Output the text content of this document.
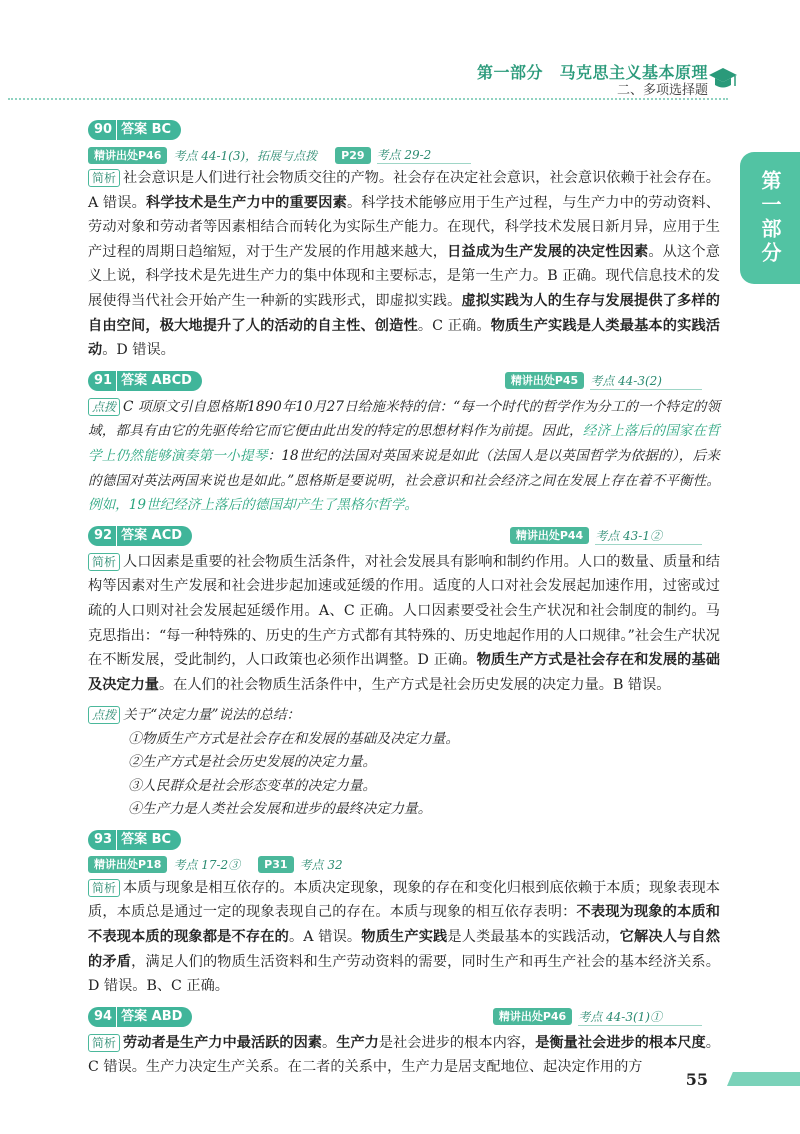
第一部分　马克思主义基本原理
二、多项选择题
第一部分
90 答案 BC
精讲出处P46	考点 44-1(3)，拓展与点拨	P29	考点 29-2

简析 社会意识是人们进行社会物质交往的产物。社会存在决定社会意识，社会意识依赖于社会存在。A 错误。科学技术是生产力中的重要因素。科学技术能够应用于生产过程，与生产力中的劳动资料、劳动对象和劳动者等因素相结合而转化为实际生产能力。在现代，科学技术发展日新月异，应用于生产过程的周期日趋缩短，对于生产发展的作用越来越大，日益成为生产发展的决定性因素。从这个意义上说，科学技术是先进生产力的集中体现和主要标志，是第一生产力。B 正确。现代信息技术的发展使得当代社会开始产生一种新的实践形式，即虚拟实践。虚拟实践为人的生存与发展提供了多样的自由空间，极大地提升了人的活动的自主性、创造性。C 正确。物质生产实践是人类最基本的实践活动。D 错误。

91 答案 ABCD	精讲出处P45	考点 44-3(2)

点拨 C 项原文引自恩格斯1890年10月27日给施米特的信：“每一个时代的哲学作为分工的一个特定的领域，都具有由它的先驱传给它而它便由此出发的特定的思想材料作为前提。因此，经济上落后的国家在哲学上仍然能够演奏第一小提琴：18世纪的法国对英国来说是如此（法国人是以英国哲学为依据的），后来的德国对英法两国来说也是如此。”恩格斯是要说明，社会意识和社会经济之间在发展上存在着不平衡性。例如，19世纪经济上落后的德国却产生了黑格尔哲学。

92 答案 ACD	精讲出处P44	考点 43-1②

简析 人口因素是重要的社会物质生活条件，对社会发展具有影响和制约作用。人口的数量、质量和结构等因素对生产发展和社会进步起加速或延缓的作用。适度的人口对社会发展起加速作用，过密或过疏的人口则对社会发展起延缓作用。A、C 正确。人口因素要受社会生产状况和社会制度的制约。马克思指出：“每一种特殊的、历史的生产方式都有其特殊的、历史地起作用的人口规律。”社会生产状况在不断发展，受此制约，人口政策也必须作出调整。D 正确。物质生产方式是社会存在和发展的基础及决定力量。在人们的社会物质生活条件中，生产方式是社会历史发展的决定力量。B 错误。

点拨 关于“决定力量”说法的总结：

①物质生产方式是社会存在和发展的基础及决定力量。
②生产方式是社会历史发展的决定力量。
③人民群众是社会形态变革的决定力量。
④生产力是人类社会发展和进步的最终决定力量。
93 答案 BC
精讲出处P18	考点 17-2③	P31	考点 32

简析 本质与现象是相互依存的。本质决定现象，现象的存在和变化归根到底依赖于本质；现象表现本质，本质总是通过一定的现象表现自己的存在。本质与现象的相互依存表明：不表现为现象的本质和不表现本质的现象都是不存在的。A 错误。物质生产实践是人类最基本的实践活动，它解决人与自然的矛盾，满足人们的物质生活资料和生产劳动资料的需要，同时生产和再生产社会的基本经济关系。D 错误。B、C 正确。

94 答案 ABD	精讲出处P46	考点 44-3(1)①

简析 劳动者是生产力中最活跃的因素。生产力是社会进步的根本内容，是衡量社会进步的根本尺度。C 错误。生产力决定生产关系。在二者的关系中，生产力是居支配地位、起决定作用的方

55
